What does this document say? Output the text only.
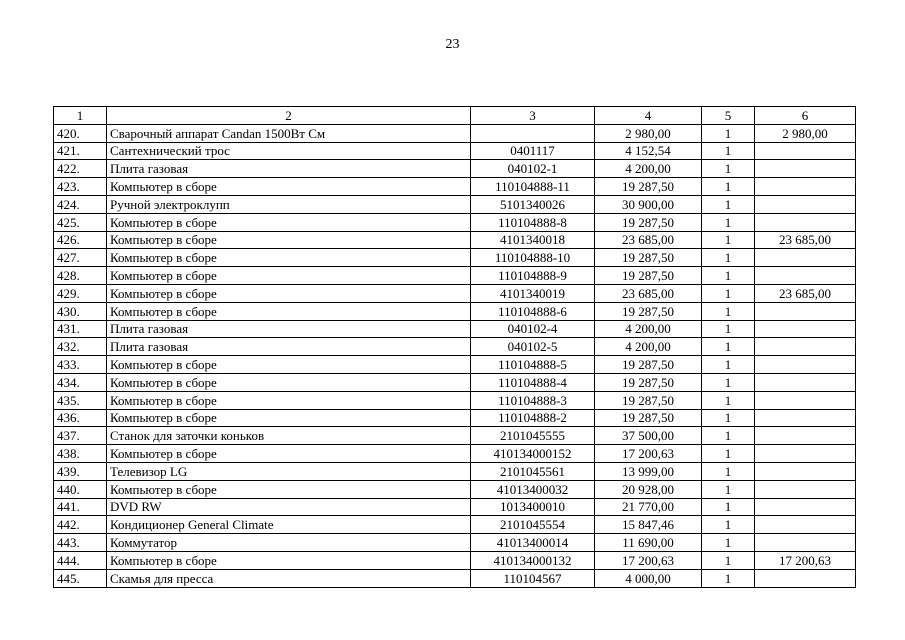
23
1	2	3	4	5	6
420.	Сварочный аппарат Candan 1500Вт См		2 980,00	1	2 980,00
421.	Сантехнический трос	0401117	4 152,54	1	
422.	Плита газовая	040102-1	4 200,00	1	
423.	Компьютер в сборе	110104888-11	19 287,50	1	
424.	Ручной электроклупп	5101340026	30 900,00	1	
425.	Компьютер в сборе	110104888-8	19 287,50	1	
426.	Компьютер в сборе	4101340018	23 685,00	1	23 685,00
427.	Компьютер в сборе	110104888-10	19 287,50	1	
428.	Компьютер в сборе	110104888-9	19 287,50	1	
429.	Компьютер в сборе	4101340019	23 685,00	1	23 685,00
430.	Компьютер в сборе	110104888-6	19 287,50	1	
431.	Плита газовая	040102-4	4 200,00	1	
432.	Плита газовая	040102-5	4 200,00	1	
433.	Компьютер в сборе	110104888-5	19 287,50	1	
434.	Компьютер в сборе	110104888-4	19 287,50	1	
435.	Компьютер в сборе	110104888-3	19 287,50	1	
436.	Компьютер в сборе	110104888-2	19 287,50	1	
437.	Станок для заточки коньков	2101045555	37 500,00	1	
438.	Компьютер в сборе	410134000152	17 200,63	1	
439.	Телевизор LG	2101045561	13 999,00	1	
440.	Компьютер в сборе	41013400032	20 928,00	1	
441.	DVD RW	1013400010	21 770,00	1	
442.	Кондиционер General Climate	2101045554	15 847,46	1	
443.	Коммутатор	41013400014	11 690,00	1	
444.	Компьютер в сборе	410134000132	17 200,63	1	17 200,63
445.	Скамья для пресса	110104567	4 000,00	1	
